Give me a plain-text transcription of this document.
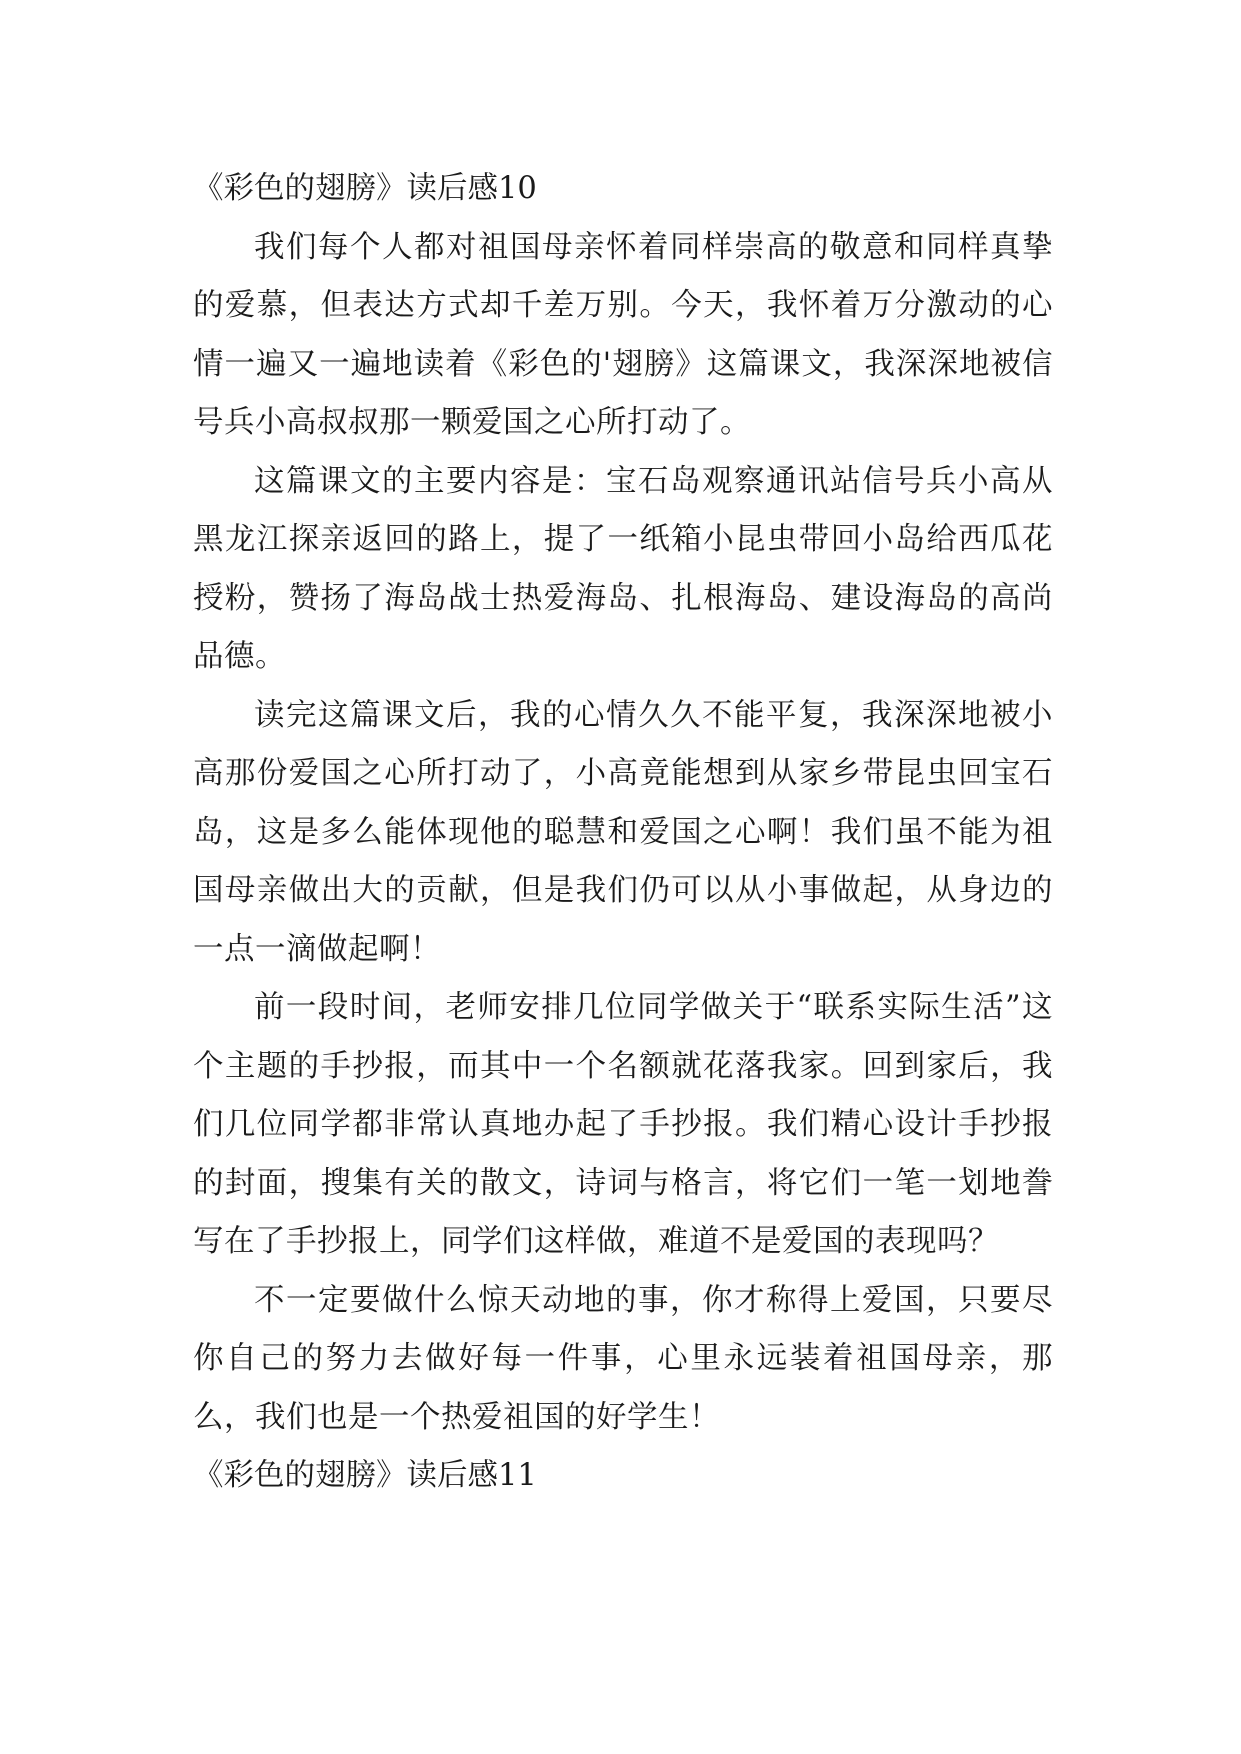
《彩色的翅膀》读后感10

我们每个人都对祖国母亲怀着同样崇高的敬意和同样真挚的爱慕，但表达方式却千差万别。今天，我怀着万分激动的心情一遍又一遍地读着《彩色的'翅膀》这篇课文，我深深地被信号兵小高叔叔那一颗爱国之心所打动了。

这篇课文的主要内容是：宝石岛观察通讯站信号兵小高从黑龙江探亲返回的路上，提了一纸箱小昆虫带回小岛给西瓜花授粉，赞扬了海岛战士热爱海岛、扎根海岛、建设海岛的高尚品德。

读完这篇课文后，我的心情久久不能平复，我深深地被小高那份爱国之心所打动了，小高竟能想到从家乡带昆虫回宝石岛，这是多么能体现他的聪慧和爱国之心啊！我们虽不能为祖国母亲做出大的贡献，但是我们仍可以从小事做起，从身边的一点一滴做起啊！

前一段时间，老师安排几位同学做关于“联系实际生活”这个主题的手抄报，而其中一个名额就花落我家。回到家后，我们几位同学都非常认真地办起了手抄报。我们精心设计手抄报的封面，搜集有关的散文，诗词与格言，将它们一笔一划地誊写在了手抄报上，同学们这样做，难道不是爱国的表现吗？

不一定要做什么惊天动地的事，你才称得上爱国，只要尽你自己的努力去做好每一件事，心里永远装着祖国母亲，那么，我们也是一个热爱祖国的好学生！

《彩色的翅膀》读后感11
